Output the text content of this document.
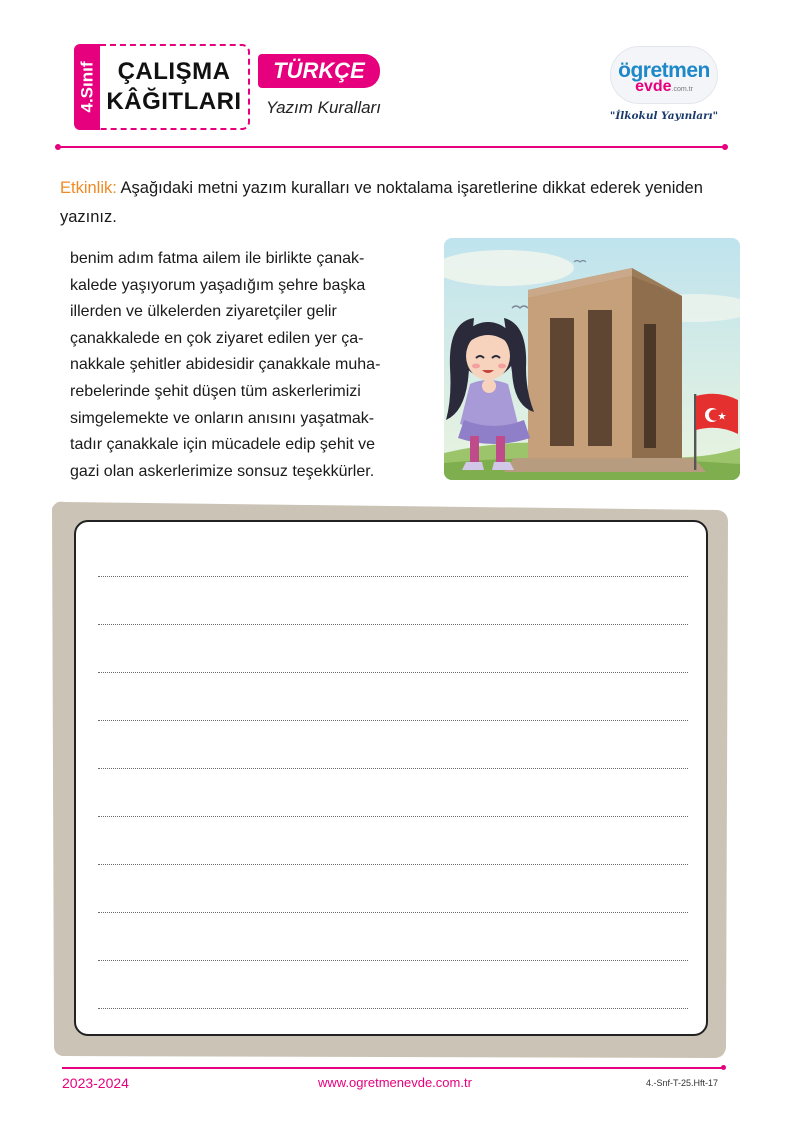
4.Sınıf ÇALIŞMA
KÂĞITLARI
TÜRKÇE
Yazım Kuralları
ögretmen
evde.com.tr
"İlkokul Yayınları"
Etkinlik: Aşağıdaki metni yazım kuralları ve noktalama işaretlerine dikkat ederek yeniden yazınız.
benim adım fatma ailem ile birlikte çanak-
kalede yaşıyorum yaşadığım şehre başka
illerden ve ülkelerden ziyaretçiler gelir
çanakkalede en çok ziyaret edilen yer ça-
nakkale şehitler abidesidir çanakkale muha-
rebelerinde şehit düşen tüm askerlerimizi
simgelemekte ve onların anısını yaşatmak-
tadır çanakkale için mücadele edip şehit ve
gazi olan askerlerimize sonsuz teşekkürler.
2023-2024	www.ogretmenevde.com.tr	4.-Snf-T-25.Hft-17
